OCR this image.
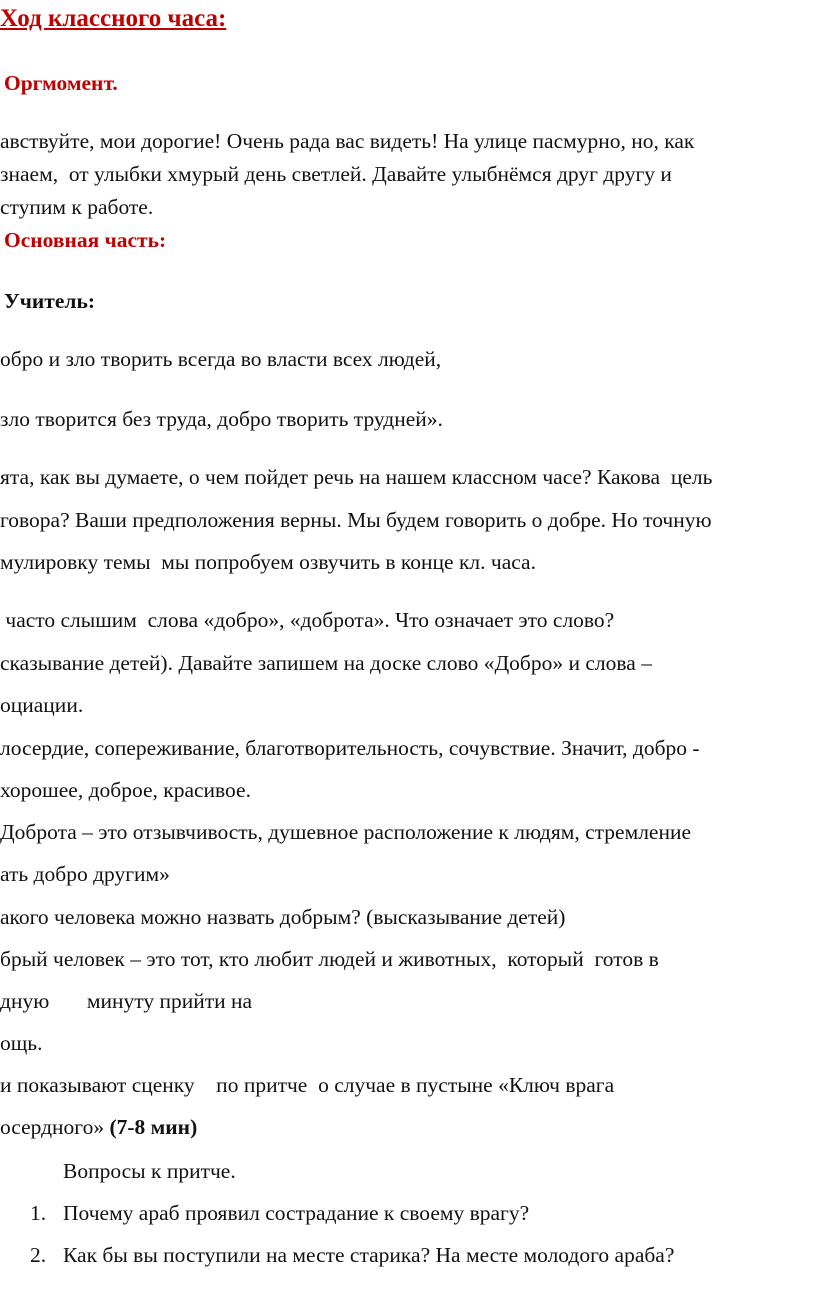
Ход классного часа:
Оргмомент.
авствуйте, мои дорогие! Очень рада вас видеть! На улице пасмурно, но, как
знаем,  от улыбки хмурый день светлей. Давайте улыбнёмся друг другу и
ступим к работе.
Основная часть:
Учитель:
обро и зло творить всегда во власти всех людей,
зло творится без труда, добро творить трудней».
ята, как вы думаете, о чем пойдет речь на нашем классном часе? Какова  цель
говора? Ваши предположения верны. Мы будем говорить о добре. Но точную
мулировку темы  мы попробуем озвучить в конце кл. часа.
часто слышим  слова «добро», «доброта». Что означает это слово?
сказывание детей). Давайте запишем на доске слово «Добро» и слова –
оциации.
лосердие, сопереживание, благотворительность, сочувствие. Значит, добро -
хорошее, доброе, красивое.
Доброта – это отзывчивость, душевное расположение к людям, стремление
ать добро другим»
акого человека можно назвать добрым? (высказывание детей)
брый человек – это тот, кто любит людей и животных,  который  готов в
дную       минуту прийти на
ощь.
и показывают сценку    по притче  о случае в пустыне «Ключ врага
осердного» (7-8 мин)
Вопросы к притче.
1. Почему араб проявил сострадание к своему врагу?
2. Как бы вы поступили на месте старика? На месте молодого араба?
